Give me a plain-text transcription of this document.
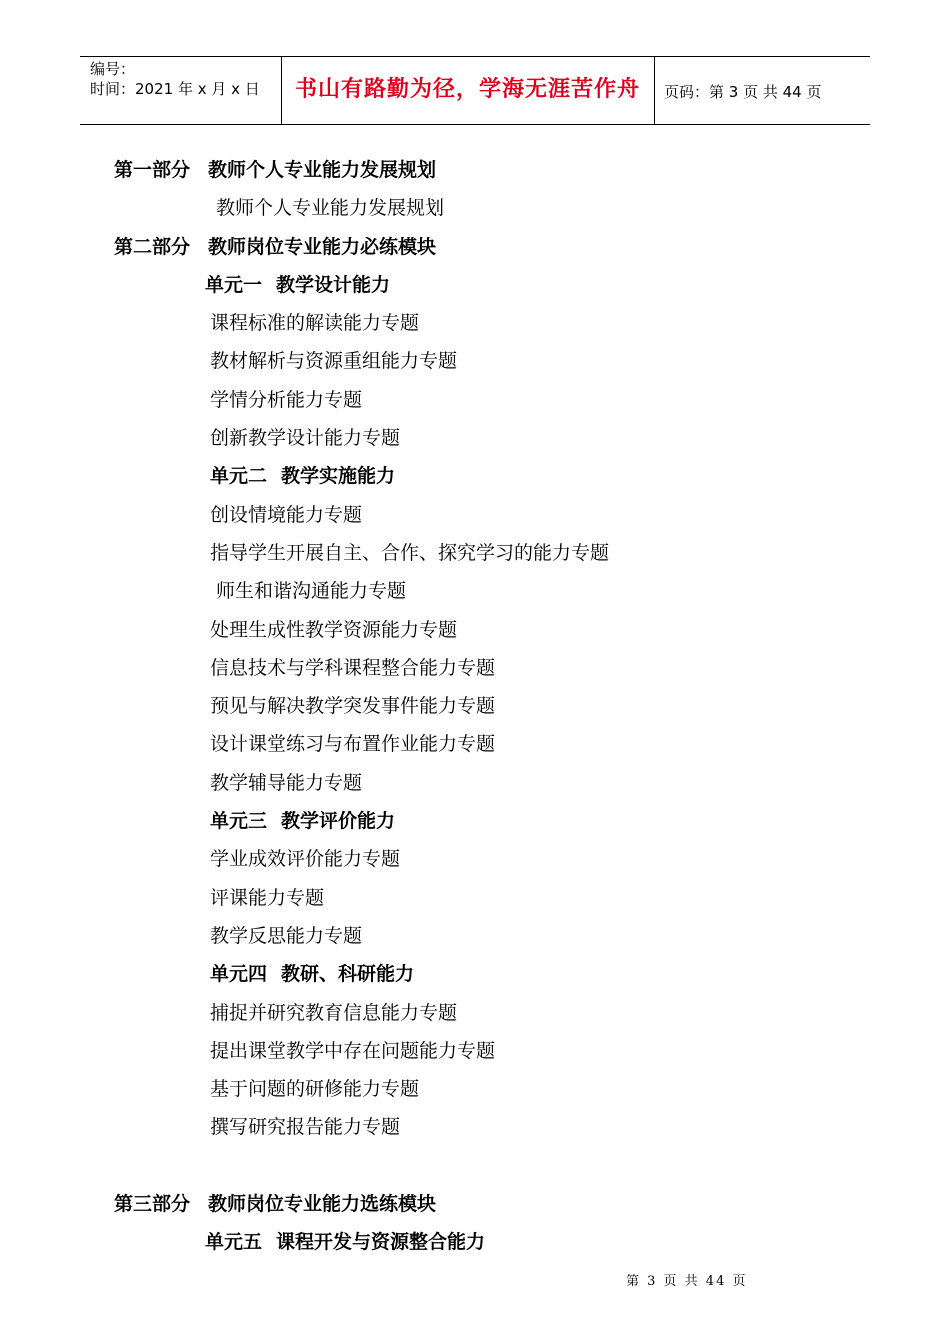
编号：
时间：2021 年 x 月 x 日	书山有路勤为径，学海无涯苦作舟	页码：第 3 页 共 44 页
第一部分 教师个人专业能力发展规划
教师个人专业能力发展规划
第二部分 教师岗位专业能力必练模块
单元一 教学设计能力
课程标准的解读能力专题
教材解析与资源重组能力专题
学情分析能力专题
创新教学设计能力专题
单元二 教学实施能力
创设情境能力专题
指导学生开展自主、合作、探究学习的能力专题
师生和谐沟通能力专题
处理生成性教学资源能力专题
信息技术与学科课程整合能力专题
预见与解决教学突发事件能力专题
设计课堂练习与布置作业能力专题
教学辅导能力专题
单元三 教学评价能力
学业成效评价能力专题
评课能力专题
教学反思能力专题
单元四 教研、科研能力
捕捉并研究教育信息能力专题
提出课堂教学中存在问题能力专题
基于问题的研修能力专题
撰写研究报告能力专题
第三部分 教师岗位专业能力选练模块
单元五 课程开发与资源整合能力
第 3 页 共 44 页
